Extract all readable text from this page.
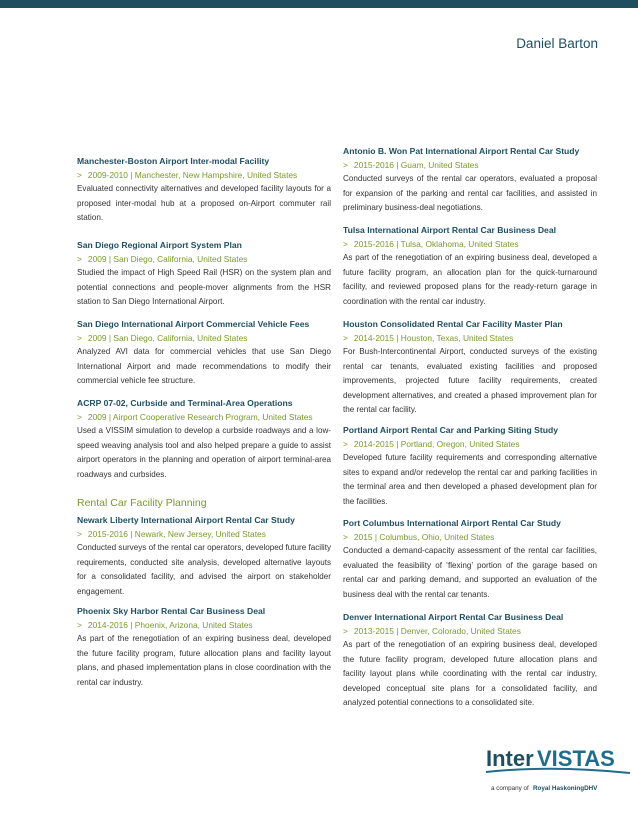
Daniel Barton
Manchester-Boston Airport Inter-modal Facility
> 2009-2010 | Manchester, New Hampshire, United States
Evaluated connectivity alternatives and developed facility layouts for a proposed inter-modal hub at a proposed on-Airport commuter rail station.
San Diego Regional Airport System Plan
> 2009 | San Diego, California, United States
Studied the impact of High Speed Rail (HSR) on the system plan and potential connections and people-mover alignments from the HSR station to San Diego International Airport.
San Diego International Airport Commercial Vehicle Fees
> 2009 | San Diego, California, United States
Analyzed AVI data for commercial vehicles that use San Diego International Airport and made recommendations to modify their commercial vehicle fee structure.
ACRP 07-02, Curbside and Terminal-Area Operations
> 2009 | Airport Cooperative Research Program, United States
Used a VISSIM simulation to develop a curbside roadways and a low-speed weaving analysis tool and also helped prepare a guide to assist airport operators in the planning and operation of airport terminal-area roadways and curbsides.
Rental Car Facility Planning
Newark Liberty International Airport Rental Car Study
> 2015-2016 | Newark, New Jersey, United States
Conducted surveys of the rental car operators, developed future facility requirements, conducted site analysis, developed alternative layouts for a consolidated facility, and advised the airport on stakeholder engagement.
Phoenix Sky Harbor Rental Car Business Deal
> 2014-2016 | Phoenix, Arizona, United States
As part of the renegotiation of an expiring business deal, developed the future facility program, future allocation plans and facility layout plans, and phased implementation plans in close coordination with the rental car industry.
Antonio B. Won Pat International Airport Rental Car Study
> 2015-2016 | Guam, United States
Conducted surveys of the rental car operators, evaluated a proposal for expansion of the parking and rental car facilities, and assisted in preliminary business-deal negotiations.
Tulsa International Airport Rental Car Business Deal
> 2015-2016 | Tulsa, Oklahoma, United States
As part of the renegotiation of an expiring business deal, developed a future facility program, an allocation plan for the quick-turnaround facility, and reviewed proposed plans for the ready-return garage in coordination with the rental car industry.
Houston Consolidated Rental Car Facility Master Plan
> 2014-2015 | Houston, Texas, United States
For Bush-Intercontinental Airport, conducted surveys of the existing rental car tenants, evaluated existing facilities and proposed improvements, projected future facility requirements, created development alternatives, and created a phased improvement plan for the rental car facility.
Portland Airport Rental Car and Parking Siting Study
> 2014-2015 | Portland, Oregon, United States
Developed future facility requirements and corresponding alternative sites to expand and/or redevelop the rental car and parking facilities in the terminal area and then developed a phased development plan for the facilities.
Port Columbus International Airport Rental Car Study
> 2015 | Columbus, Ohio, United States
Conducted a demand-capacity assessment of the rental car facilities, evaluated the feasibility of ‘flexing’ portion of the garage based on rental car and parking demand, and supported an evaluation of the business deal with the rental car tenants.
Denver International Airport Rental Car Business Deal
> 2013-2015 | Denver, Colorado, United States
As part of the renegotiation of an expiring business deal, developed the future facility program, developed future allocation plans and facility layout plans while coordinating with the rental car industry, developed conceptual site plans for a consolidated facility, and analyzed potential connections to a consolidated site.
Inter VISTAS
a company of Royal HaskoningDHV
